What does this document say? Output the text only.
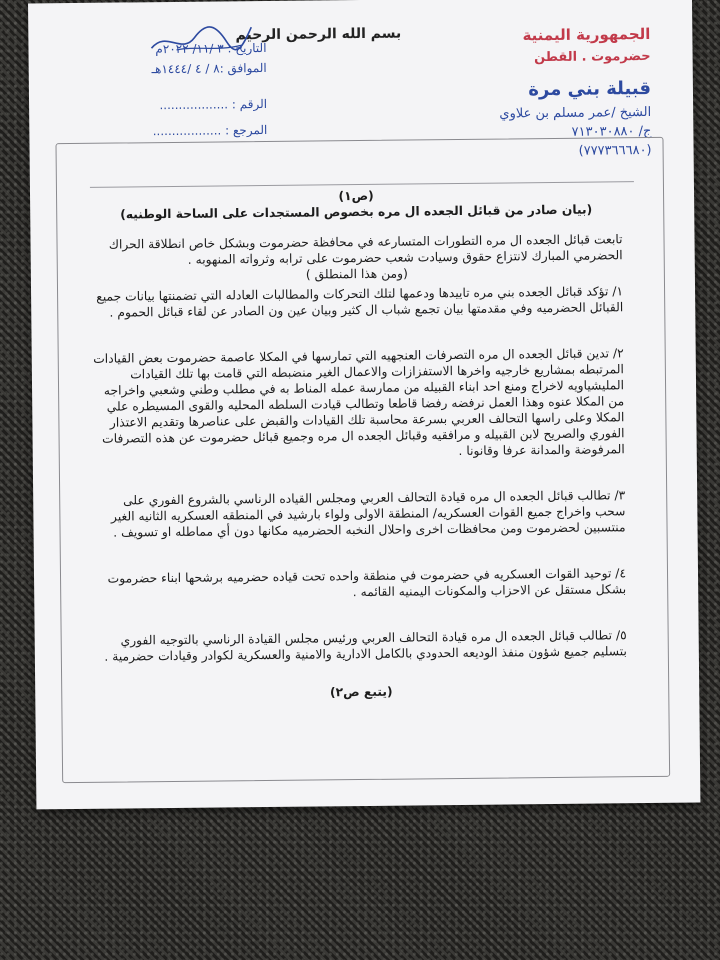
الجمهورية اليمنية
حضرموت . القطن
قبيلة بني مرة
الشيخ /عمر مسلم بن علاوي
ج/ ٧١٣٠٣٠٨٨٠
(٧٧٧٣٦٦٦٨٠)
بسم الله الرحمن الرحيم
التاريخ : ٣ /١١/ ٢٠٢٢م
الموافق :٨ / ٤ /١٤٤٤هـ
الرقم : ..................
المرجع : ..................

(ص١)

(بيان صادر من قبائل الجعده ال مره بخصوص المستجدات على الساحة الوطنيه)

تابعت قبائل الجعده ال مره التطورات المتسارعه في محافظة حضرموت وبشكل خاص انطلاقة الحراك الحضرمي المبارك لانتزاع حقوق وسيادت شعب حضرموت على ترابه وثرواته المنهوبه .

(ومن هذا المنطلق )

١/ تؤكد قبائل الجعده بني مره تاييدها ودعمها لتلك التحركات والمطالبات العادله التي تضمنتها بيانات جميع القبائل الحضرميه وفي مقدمتها بيان تجمع شباب ال كثير وبيان عين ون الصادر عن لقاء قبائل الحموم .

٢/ تدين قبائل الجعده ال مره التصرفات العنجهيه التي تمارسها في المكلا عاصمة حضرموت بعض القيادات المرتبطه بمشاريع خارجيه واخرها الاستفزازات والاعمال الغير منضبطه التي قامت بها تلك القيادات المليشياويه لاخراج ومنع احد ابناء القبيله من ممارسة عمله المناط به في مطلب وطني وشعبي واخراجه من المكلا عنوه وهذا العمل نرفضه رفضا قاطعا وتطالب قيادت السلطه المحليه والقوى المسيطره علي المكلا وعلى راسها التحالف العربي بسرعة محاسبة تلك القيادات والقبض على عناصرها وتقديم الاعتذار الفوري والصريح لابن القبيله و مرافقيه وقبائل الجعده ال مره وجميع قبائل حضرموت عن هذه التصرفات المرفوضة والمدانة عرفا وقانونا .

٣/ تطالب قبائل الجعده ال مره قيادة التحالف العربي ومجلس القياده الرناسي بالشروع الفوري على سحب واخراج جميع القوات العسكريه/ المنطقة الاولى ولواء بارشيد في المنطقه العسكريه الثانيه الغير منتسبين لحضرموت ومن محافظات اخرى واحلال النخبه الحضرميه مكانها دون أي مماطله او تسويف .

٤/ توحيد القوات العسكريه في حضرموت في منطقة واحده تحت قياده حضرميه برشحها ابناء حضرموت بشكل مستقل عن الاحزاب والمكونات اليمنيه القائمه .

٥/ تطالب قبائل الجعده ال مره قيادة التحالف العربي ورئيس مجلس القيادة الرناسي بالتوجيه الفوري بتسليم جميع شؤون منفذ الوديعه الحدودي بالكامل الادارية والامنية والعسكرية لكوادر وقيادات حضرمية .

(يتبع ص٢)
